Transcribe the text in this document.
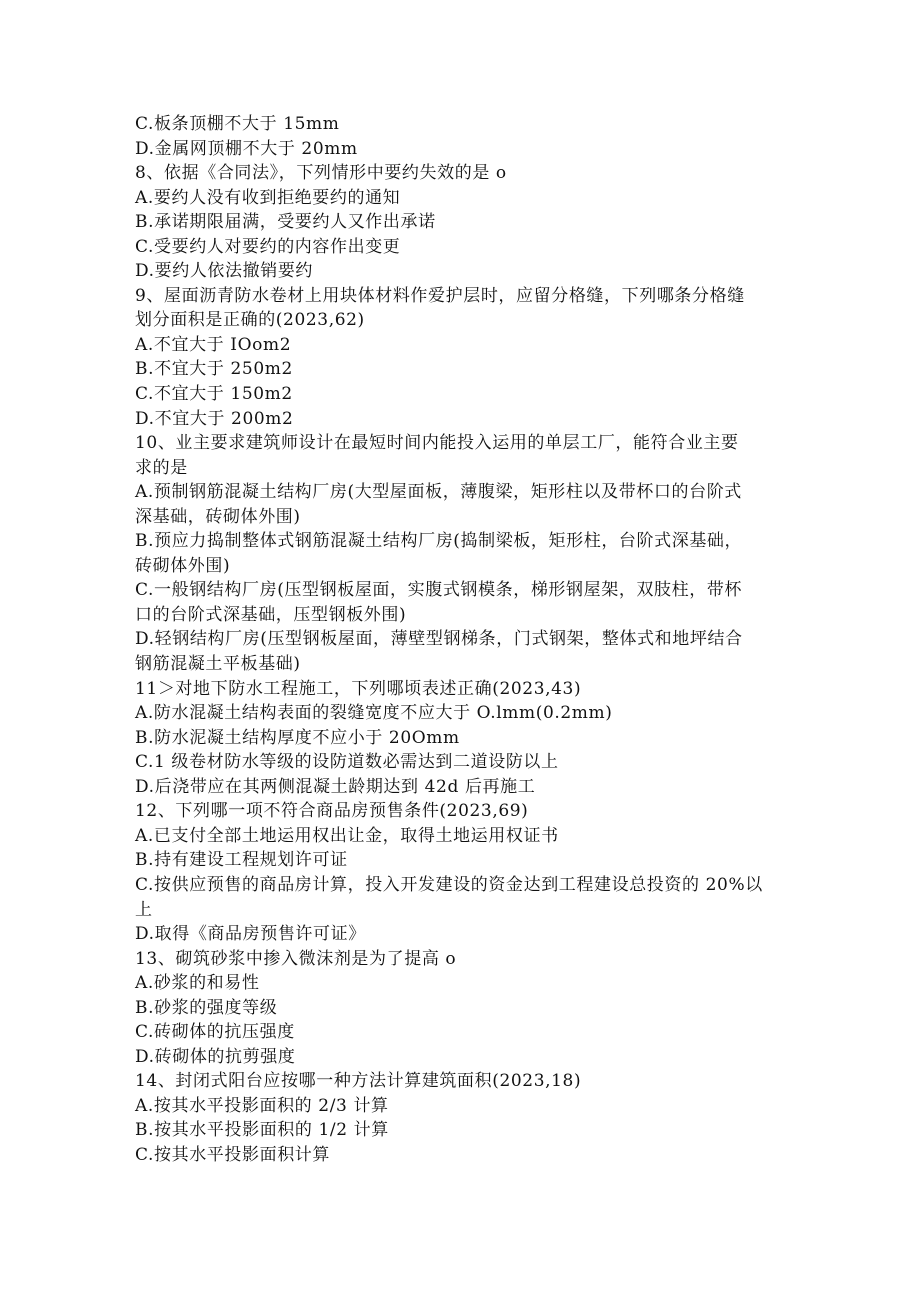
C.板条顶棚不大于 15mm
D.金属网顶棚不大于 20mm
8、依据《合同法》，下列情形中要约失效的是 o
A.要约人没有收到拒绝要约的通知
B.承诺期限届满，受要约人又作出承诺
C.受要约人对要约的内容作出变更
D.要约人依法撤销要约
9、屋面沥青防水卷材上用块体材料作爱护层时，应留分格缝，下列哪条分格缝
划分面积是正确的(2023,62)
A.不宜大于 IOom2
B.不宜大于 250m2
C.不宜大于 150m2
D.不宜大于 200m2
10、业主要求建筑师设计在最短时间内能投入运用的单层工厂，能符合业主要
求的是
A.预制钢筋混凝土结构厂房(大型屋面板，薄腹梁，矩形柱以及带杯口的台阶式
深基础，砖砌体外围)
B.预应力捣制整体式钢筋混凝土结构厂房(捣制梁板，矩形柱，台阶式深基础，
砖砌体外围)
C.一般钢结构厂房(压型钢板屋面，实腹式钢模条，梯形钢屋架，双肢柱，带杯
口的台阶式深基础，压型钢板外围)
D.轻钢结构厂房(压型钢板屋面，薄壁型钢梯条，门式钢架，整体式和地坪结合
钢筋混凝土平板基础)
11＞对地下防水工程施工，下列哪顷表述正确(2023,43)
A.防水混凝土结构表面的裂缝宽度不应大于 O.lmm(0.2mm)
B.防水泥凝土结构厚度不应小于 20Omm
C.1 级卷材防水等级的设防道数必需达到二道设防以上
D.后浇带应在其两侧混凝土龄期达到 42d 后再施工
12、下列哪一项不符合商品房预售条件(2023,69)
A.已支付全部土地运用权出让金，取得土地运用权证书
B.持有建设工程规划许可证
C.按供应预售的商品房计算，投入开发建设的资金达到工程建设总投资的 20%以
上
D.取得《商品房预售许可证》
13、砌筑砂浆中掺入微沫剂是为了提高 o
A.砂浆的和易性
B.砂浆的强度等级
C.砖砌体的抗压强度
D.砖砌体的抗剪强度
14、封闭式阳台应按哪一种方法计算建筑面积(2023,18)
A.按其水平投影面积的 2/3 计算
B.按其水平投影面积的 1/2 计算
C.按其水平投影面积计算
